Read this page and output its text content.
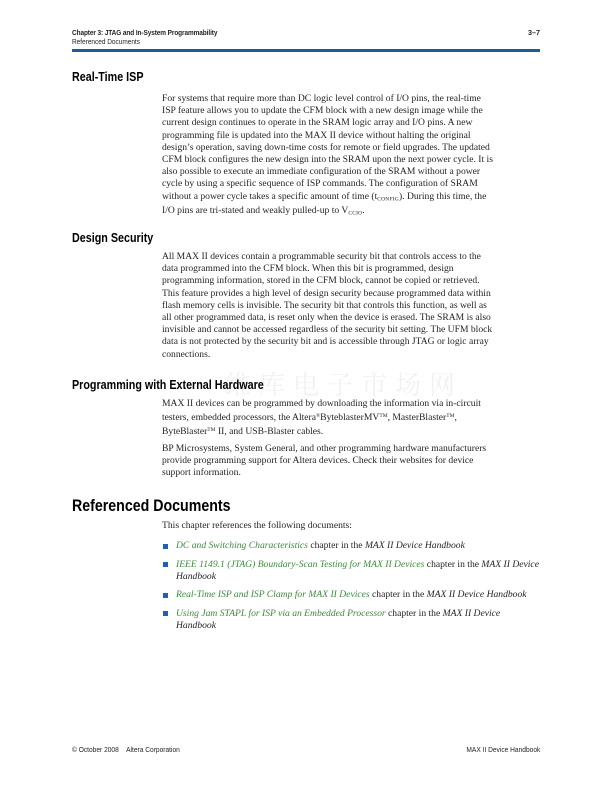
Chapter 3: JTAG and In-System Programmability
Referenced Documents
3–7
Real-Time ISP
For systems that require more than DC logic level control of I/O pins, the real-time
ISP feature allows you to update the CFM block with a new design image while the
current design continues to operate in the SRAM logic array and I/O pins. A new
programming file is updated into the MAX II device without halting the original
design’s operation, saving down-time costs for remote or field upgrades. The updated
CFM block configures the new design into the SRAM upon the next power cycle. It is
also possible to execute an immediate configuration of the SRAM without a power
cycle by using a specific sequence of ISP commands. The configuration of SRAM
without a power cycle takes a specific amount of time $(t_{CONFIG})$. During this time, the
I/O pins are tri-stated and weakly pulled-up to $V_{CCIO}$.
Design Security
All MAX II devices contain a programmable security bit that controls access to the
data programmed into the CFM block. When this bit is programmed, design
programming information, stored in the CFM block, cannot be copied or retrieved.
This feature provides a high level of design security because programmed data within
flash memory cells is invisible. The security bit that controls this function, as well as
all other programmed data, is reset only when the device is erased. The SRAM is also
invisible and cannot be accessed regardless of the security bit setting. The UFM block
data is not protected by the security bit and is accessible through JTAG or logic array
connections.
维库电子市场网
Programming with External Hardware
MAX II devices can be programmed by downloading the information via in-circuit
testers, embedded processors, the Altera®ByteblasterMV™, MasterBlaster™,
ByteBlaster™ II, and USB-Blaster cables.
BP Microsystems, System General, and other programming hardware manufacturers
provide programming support for Altera devices. Check their websites for device
support information.
Referenced Documents
This chapter references the following documents:
DC and Switching Characteristics chapter in the MAX II Device Handbook
IEEE 1149.1 (JTAG) Boundary-Scan Testing for MAX II Devices chapter in the MAX II Device Handbook
Real-Time ISP and ISP Clamp for MAX II Devices chapter in the MAX II Device Handbook
Using Jam STAPL for ISP via an Embedded Processor chapter in the MAX II Device Handbook
© October 2008 Altera Corporation	MAX II Device Handbook
